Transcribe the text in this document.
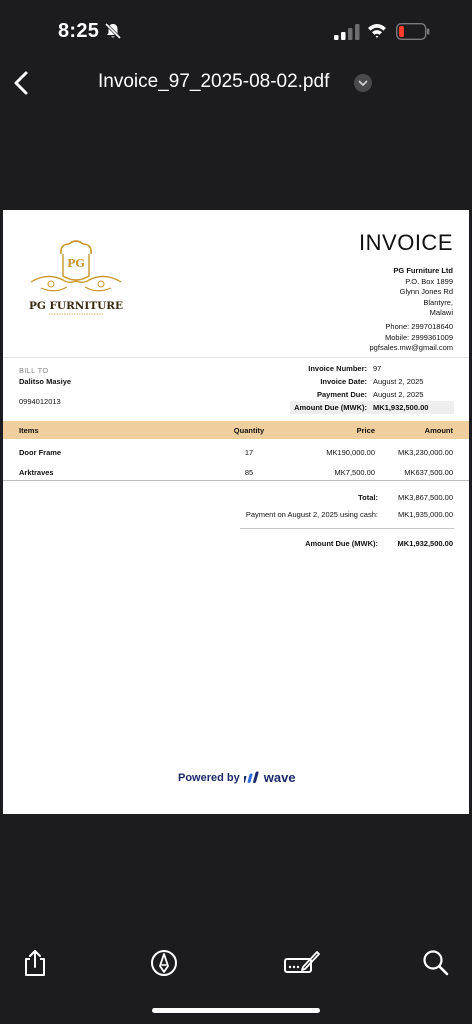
8:25
Invoice_97_2025-08-02.pdf
PG
PG FURNITURE
INVOICE
PG Furniture Ltd
P.O. Box 1899
Glynn Jones Rd
Blantyre,
Malawi
Phone: 2997018640
Mobile: 2999361009
pgfsales.mw@gmail.com
BILL TO
Dalitso Masiye
0994012013
Invoice Number: 97
Invoice Date: August 2, 2025
Payment Due: August 2, 2025
Amount Due (MWK): MK1,932,500.00
Items	Quantity	Price	Amount
Door Frame	17	MK190,000.00	MK3,230,000.00
Arktraves	85	MK7,500.00	MK637,500.00
Total:	MK3,867,500.00
Payment on August 2, 2025 using cash:	MK1,935,000.00
Amount Due (MWK):	MK1,932,500.00
Powered by wave
